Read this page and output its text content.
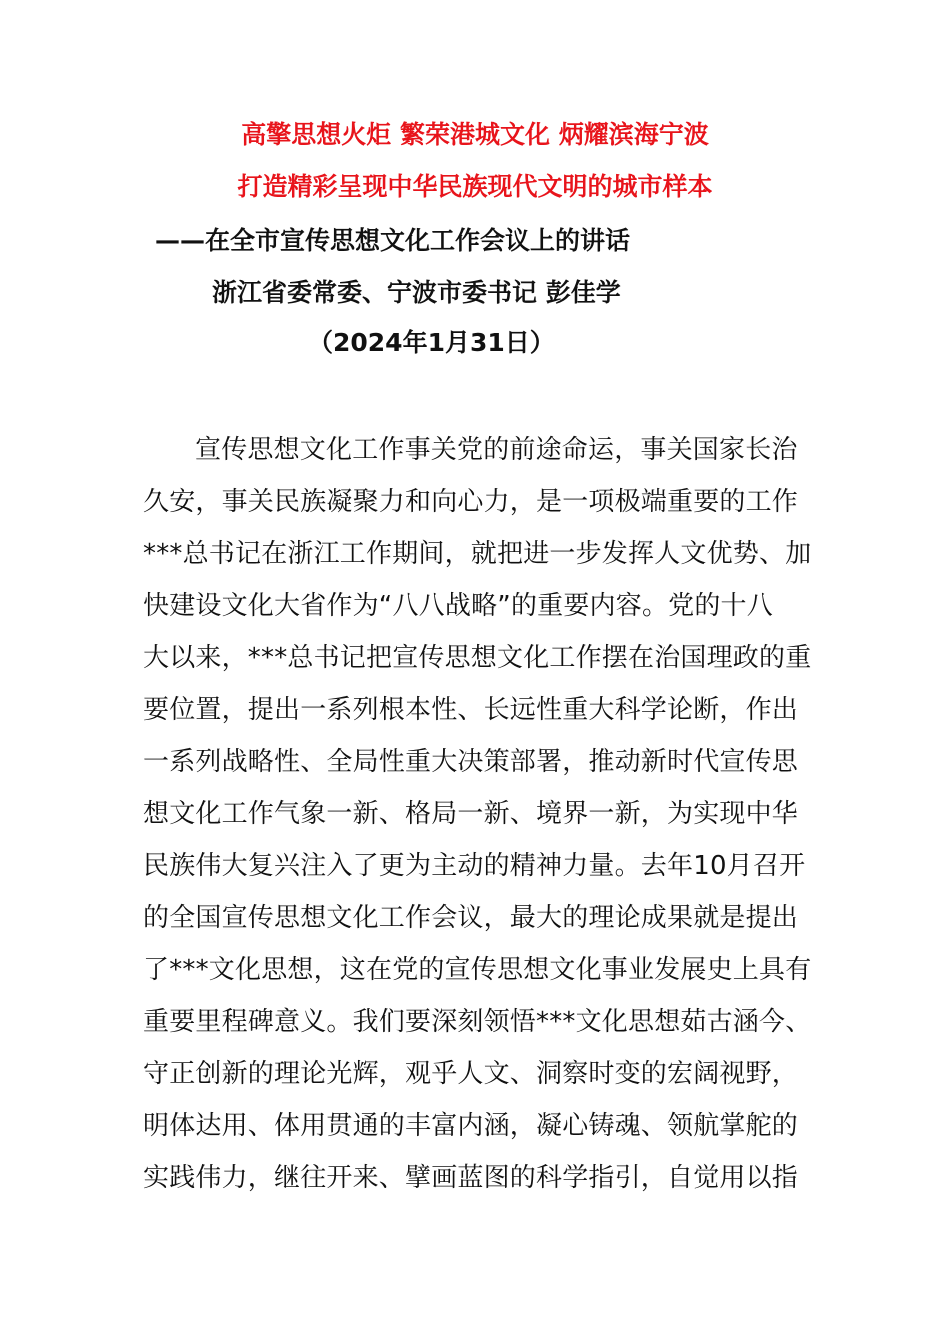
高擎思想火炬 繁荣港城文化 炳耀滨海宁波
打造精彩呈现中华民族现代文明的城市样本
——在全市宣传思想文化工作会议上的讲话
浙江省委常委、宁波市委书记 彭佳学
（2024年1月31日）
宣传思想文化工作事关党的前途命运，事关国家长治
久安，事关民族凝聚力和向心力，是一项极端重要的工作
***总书记在浙江工作期间，就把进一步发挥人文优势、加
快建设文化大省作为“八八战略”的重要内容。党的十八
大以来，***总书记把宣传思想文化工作摆在治国理政的重
要位置，提出一系列根本性、长远性重大科学论断，作出
一系列战略性、全局性重大决策部署，推动新时代宣传思
想文化工作气象一新、格局一新、境界一新，为实现中华
民族伟大复兴注入了更为主动的精神力量。去年10月召开
的全国宣传思想文化工作会议，最大的理论成果就是提出
了***文化思想，这在党的宣传思想文化事业发展史上具有
重要里程碑意义。我们要深刻领悟***文化思想茹古涵今、
守正创新的理论光辉，观乎人文、洞察时变的宏阔视野，
明体达用、体用贯通的丰富内涵，凝心铸魂、领航掌舵的
实践伟力，继往开来、擘画蓝图的科学指引，自觉用以指
